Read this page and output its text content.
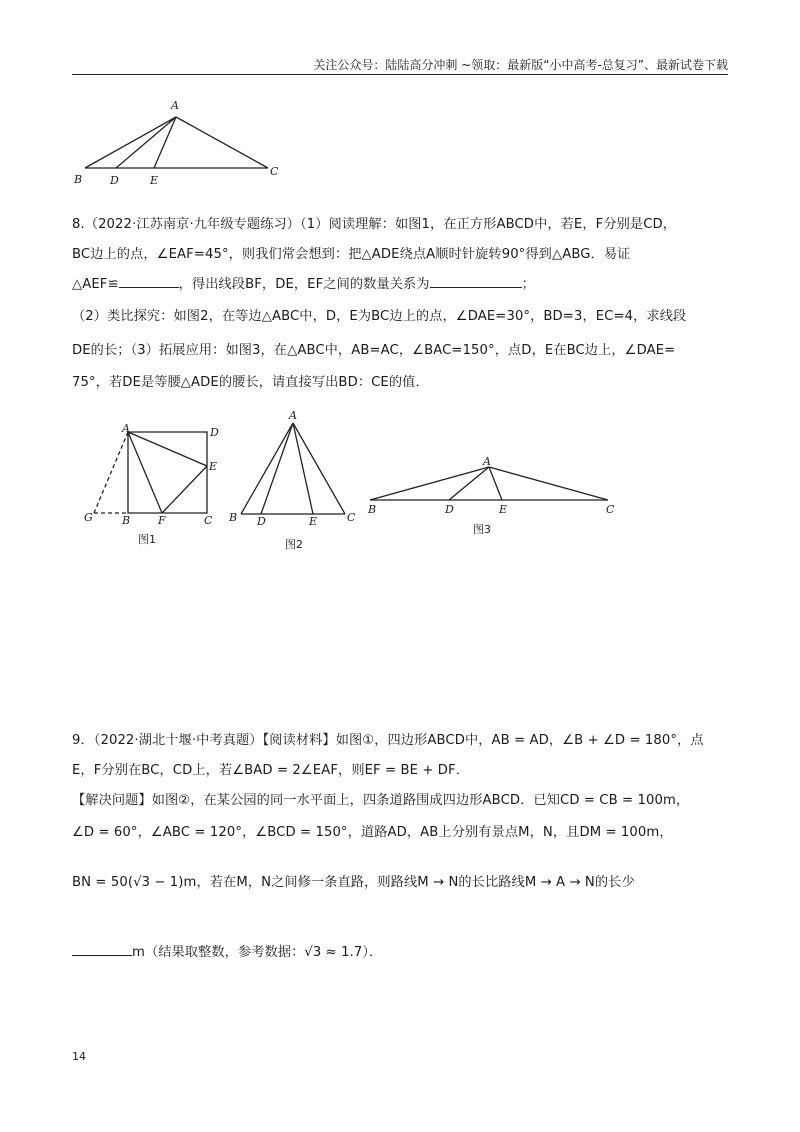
关注公众号：陆陆高分冲刺 ~领取：最新版“小中高考-总复习”、最新试卷下载
A
B	D	E
C
8.（2022·江苏南京·九年级专题练习）（1）阅读理解：如图1，在正方形ABCD中，若E，F分别是CD，
BC边上的点，∠EAF=45°，则我们常会想到：把△ADE绕点A顺时针旋转90°得到△ABG．易证
△AEF≌	，得出线段BF，DE，EF之间的数量关系为	；
（2）类比探究：如图2，在等边△ABC中，D，E为BC边上的点，∠DAE=30°，BD=3，EC=4，求线段
DE的长；（3）拓展应用：如图3，在△ABC中，AB=AC，∠BAC=150°，点D，E在BC边上，∠DAE=
75°，若DE是等腰△ADE的腰长，请直接写出BD：CE的值．
A	D
E
G	B	F	C
图1
A
B D	E	C
图2
A
B	D	E	C
图3
9．（2022·湖北十堰·中考真题）【阅读材料】如图①，四边形ABCD中，AB = AD，∠B + ∠D = 180°，点
E，F分别在BC，CD上，若∠BAD = 2∠EAF，则EF = BE + DF．
【解决问题】如图②，在某公园的同一水平面上，四条道路围成四边形ABCD．已知CD = CB = 100m，
∠D = 60°，∠ABC = 120°，∠BCD = 150°，道路AD，AB上分别有景点M，N，且DM = 100m，
BN = 50(√3 − 1)m，若在M，N之间修一条直路，则路线M → N的长比路线M → A → N的长少
m（结果取整数，参考数据：√3 ≈ 1.7）．
14
